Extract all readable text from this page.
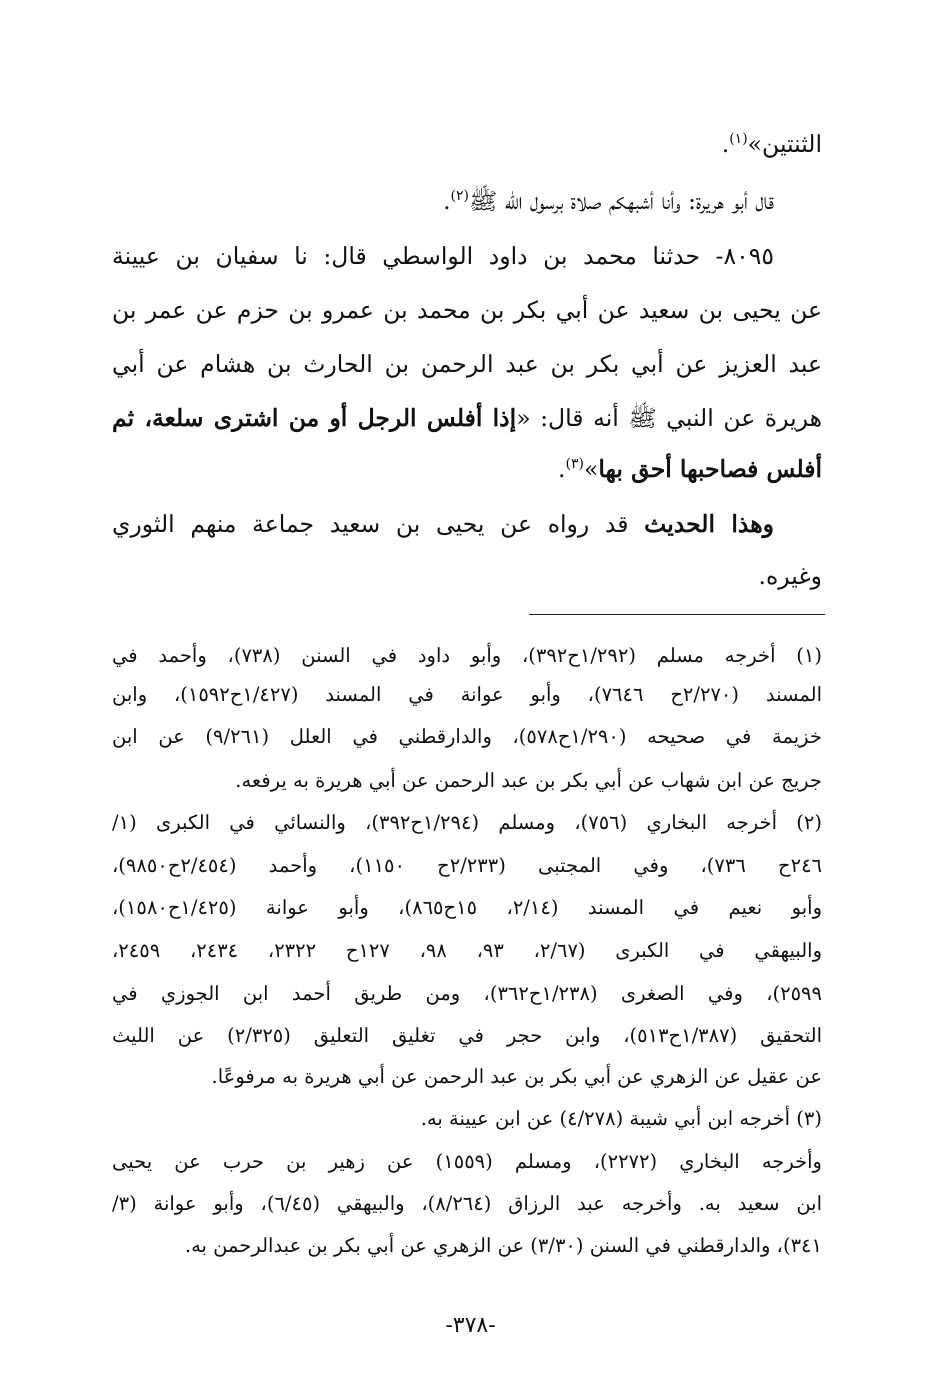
الثنتين»$^{(١)}$.
قال أبو هريرة: وأنا أشبهكم صلاة برسول الله ﷺ$^{(٢)}$.
٨٠٩٥- حدثنا محمد بن داود الواسطي قال: نا سفيان بن عيينة
عن يحيى بن سعيد عن أبي بكر بن محمد بن عمرو بن حزم عن عمر بن
عبد العزيز عن أبي بكر بن عبد الرحمن بن الحارث بن هشام عن أبي
هريرة عن النبي ﷺ أنه قال: «إذا أفلس الرجل أو من اشترى سلعة، ثم
أفلس فصاحبها أحق بها»$^{(٣)}$.
وهذا الحديث قد رواه عن يحيى بن سعيد جماعة منهم الثوري
وغيره.
(١) أخرجه مسلم (١/٢٩٢ح٣٩٢)، وأبو داود في السنن (٧٣٨)، وأحمد في
المسند (٢/٢٧٠ح ٧٦٤٦)، وأبو عوانة في المسند (١/٤٢٧ح١٥٩٢)، وابن
خزيمة في صحيحه (١/٢٩٠ح٥٧٨)، والدارقطني في العلل (٩/٢٦١) عن ابن
جريج عن ابن شهاب عن أبي بكر بن عبد الرحمن عن أبي هريرة به يرفعه.
(٢) أخرجه البخاري (٧٥٦)، ومسلم (١/٢٩٤ح٣٩٢)، والنسائي في الكبرى (١/
٢٤٦ح ٧٣٦)، وفي المجتبى (٢/٢٣٣ح ١١٥٠)، وأحمد (٢/٤٥٤ح٩٨٥٠)،
وأبو نعيم في المسند (٢/١٤، ١٥ح٨٦٥)، وأبو عوانة (١/٤٢٥ح١٥٨٠)،
والبيهقي في الكبرى (٢/٦٧، ٩٣، ٩٨، ١٢٧ح ٢٣٢٢، ٢٤٣٤، ٢٤٥٩،
٢٥٩٩)، وفي الصغرى (١/٢٣٨ح٣٦٢)، ومن طريق أحمد ابن الجوزي في
التحقيق (١/٣٨٧ح٥١٣)، وابن حجر في تغليق التعليق (٢/٣٢٥) عن الليث
عن عقيل عن الزهري عن أبي بكر بن عبد الرحمن عن أبي هريرة به مرفوعًا.
(٣) أخرجه ابن أبي شيبة (٤/٢٧٨) عن ابن عيينة به.
وأخرجه البخاري (٢٢٧٢)، ومسلم (١٥٥٩) عن زهير بن حرب عن يحيى
ابن سعيد به. وأخرجه عبد الرزاق (٨/٢٦٤)، والبيهقي (٦/٤٥)، وأبو عوانة (٣/
٣٤١)، والدارقطني في السنن (٣/٣٠) عن الزهري عن أبي بكر بن عبدالرحمن به.
-٣٧٨-
